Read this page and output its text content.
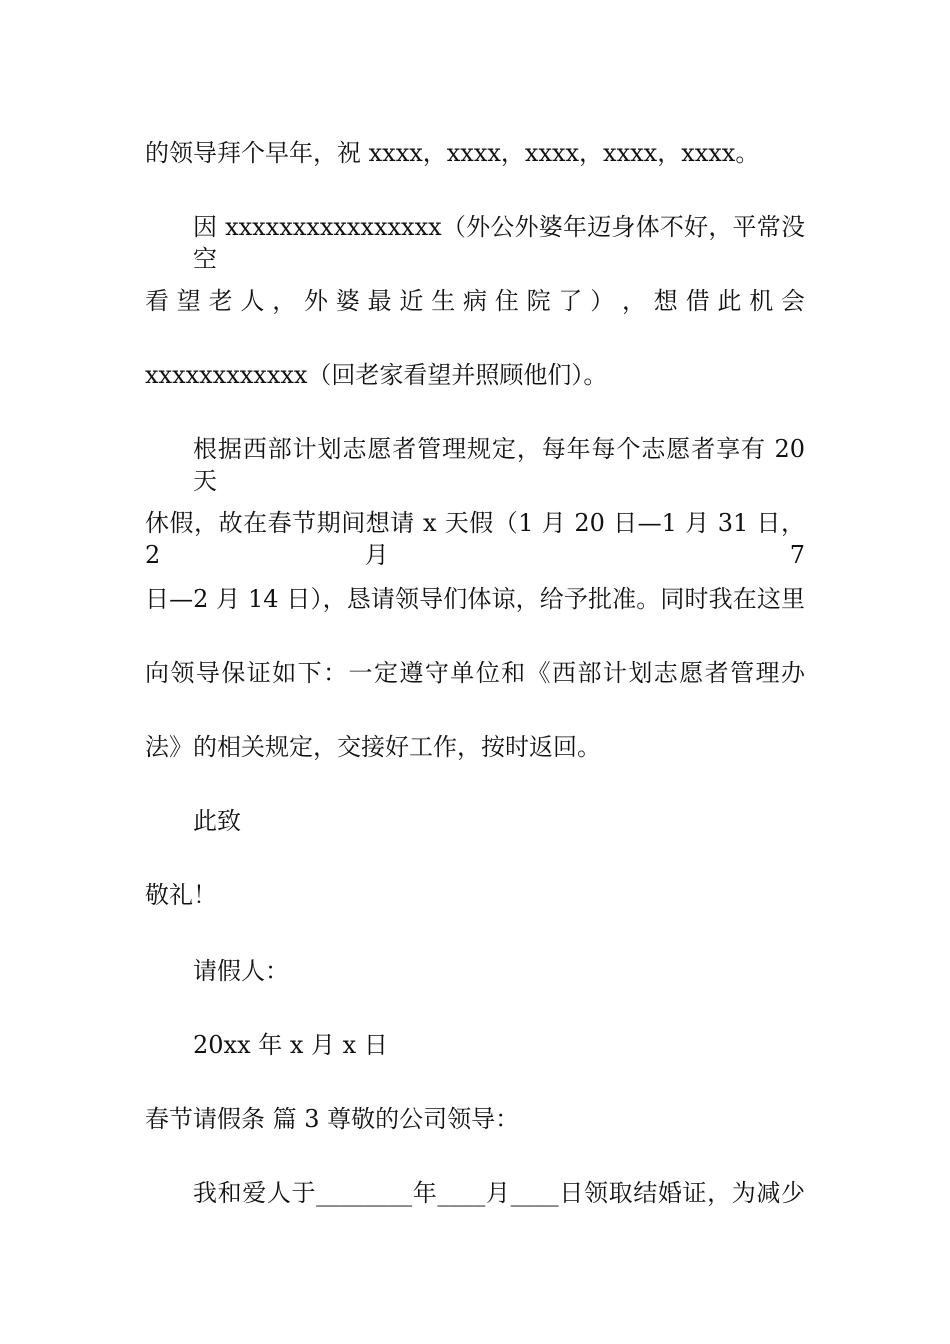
的领导拜个早年，祝 xxxx，xxxx，xxxx，xxxx，xxxx。
因 xxxxxxxxxxxxxxxx（外公外婆年迈身体不好，平常没空
看 望 老 人 ， 外 婆 最 近 生 病 住 院 了 ） ， 想 借 此 机 会
xxxxxxxxxxxx（回老家看望并照顾他们）。
根据西部计划志愿者管理规定，每年每个志愿者享有 20 天
休假，故在春节期间想请 x 天假（1 月 20 日—1 月 31 日，2 月 7
日—2 月 14 日），恳请领导们体谅，给予批准。同时我在这里
向领导保证如下：一定遵守单位和《西部计划志愿者管理办
法》的相关规定，交接好工作，按时返回。
此致
敬礼！
请假人：
20xx 年 x 月 x 日
春节请假条 篇 3 尊敬的公司领导：
我和爱人于________年____月____日领取结婚证，为减少
